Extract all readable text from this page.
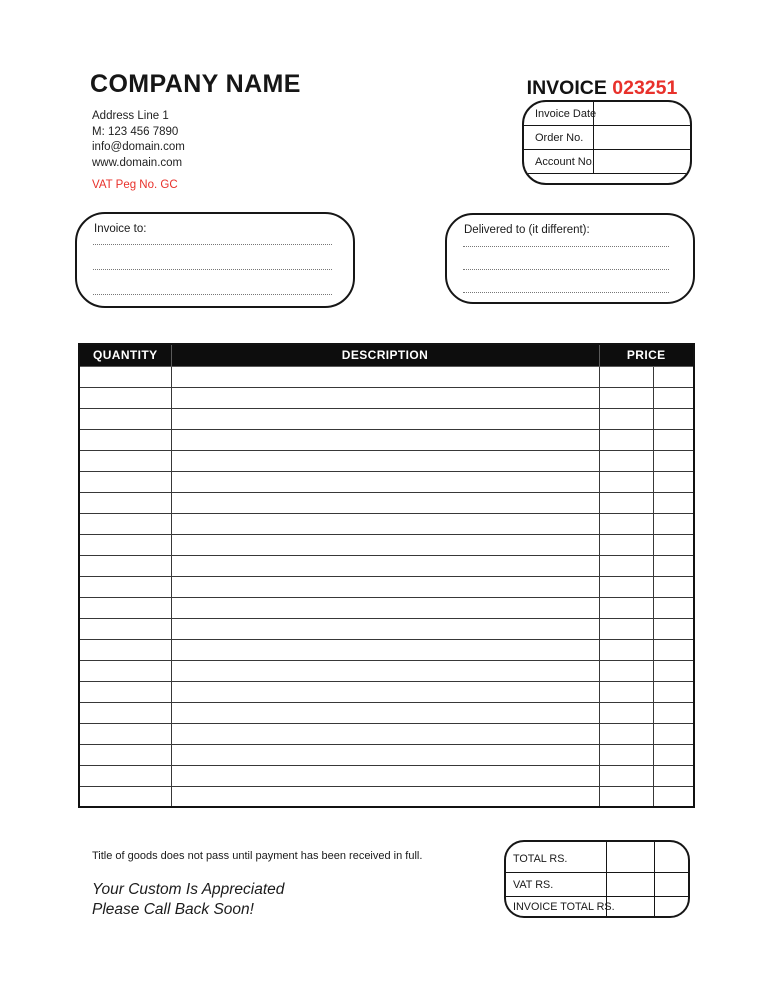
COMPANY NAME
Address Line 1
M: 123 456 7890
info@domain.com
www.domain.com
VAT Peg No. GC
INVOICE 023251
Invoice Date
Order No.
Account No.
Invoice to:	Delivered to (it different):
QUANTITY	DESCRIPTION	PRICE	

Title of goods does not pass until payment has been received in full.
Your Custom Is Appreciated
Please Call Back Soon!
TOTAL RS.
VAT RS.
INVOICE TOTAL RS.
